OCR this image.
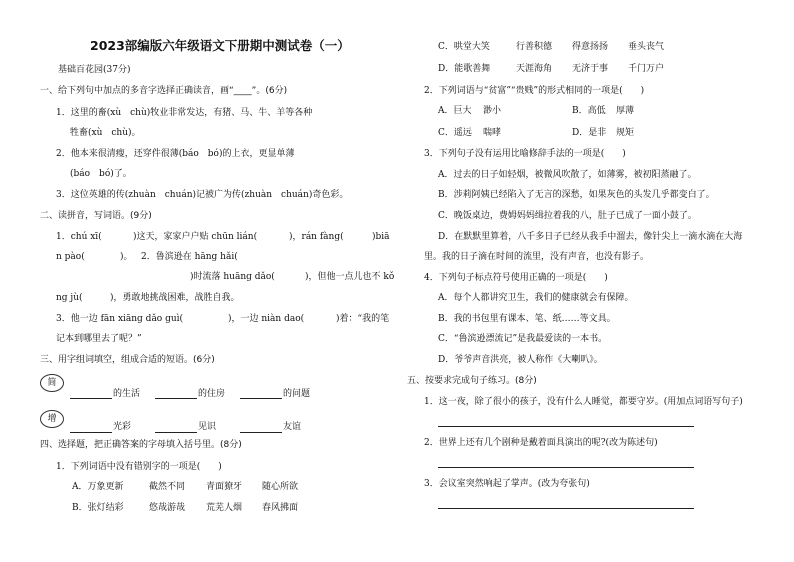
2023部编版六年级语文下册期中测试卷（一）
基础百花园(37分)
一、给下列句中加点的多音字选择正确读音，画“____”。(6分)
1．这里的畜(xù　chù)牧业非常发达，有猪、马、牛、羊等各种
牲畜(xù　chù)。
2．他本来很清瘦，还穿件很薄(báo　bó)的上衣，更显单薄
(báo　bó)了。
3．这位英雄的传(zhuàn　chuán)记被广为传(zhuàn　chuán)奇色彩。
二、读拼音，写词语。(9分)
1．chú xī(	)这天，家家户户贴 chūn lián(	)，rán fàng(	)biā
n pào(	)。 2．鲁滨逊在 hāng hǎi(
)时流落 huāng dǎo(	)，但他一点儿也不 kǒ
ng jù(	)，勇敢地挑战困难，战胜自我。
3．他一边 fān xiāng dǎo guì(	)，一边 niàn dao(	)着：“我的笔
记本到哪里去了呢？”
三、用字组词填空，组成合适的短语。(6分)
简
的生活	的住房	的问题
增
光彩	见识	友谊
四、选择题，把正确答案的字母填入括号里。(8分)
1．下列词语中没有错别字的一项是(　　)
A．万象更新	截然不同 青面獠牙 随心所欲
B．张灯结彩	悠哉游哉 荒芜人烟 春风拂面
C．哄堂大笑	行善积德 得意扬扬 垂头丧气
D．能歌善舞	天涯海角 无济于事 千门万户
2．下列词语与“贫富”“贵贱”的形式相同的一项是(　　)
A．巨大 渺小	B．高低 厚薄
C．遥远 喘哮	D．是非 规矩
3．下列句子没有运用比喻修辞手法的一项是(　　)
A．过去的日子如轻烟，被微风吹散了，如薄雾，被初阳蒸融了。
B．涉莉阿姨已经陷入了无言的深愁，如果灰色的头发几乎都变白了。
C．晚饭桌边，费姆妈妈缉拉着我的八，肚子已成了一面小鼓了。
D．在默默里算着，八千多日子已经从我手中溜去，像针尖上一滴水滴在大海
里。我的日子滴在时间的流里，没有声音，也没有影子。
4．下列句子标点符号使用正确的一项是(　　)
A．每个人都讲究卫生，我们的健康就会有保障。
B．我的书包里有课本、笔、纸……等文具。
C．“鲁滨逊漂流记”是我最爱读的一本书。
D．爷爷声音洪亮，被人称作《大喇叭》。
五、按要求完成句子练习。(8分)
1．这一夜，除了很小的孩子，没有什么人睡觉，都要守岁。(用加点词语写句子)
2．世界上还有几个剧种是戴着面具演出的呢?(改为陈述句)
3．会议室突然响起了掌声。(改为夸张句)
